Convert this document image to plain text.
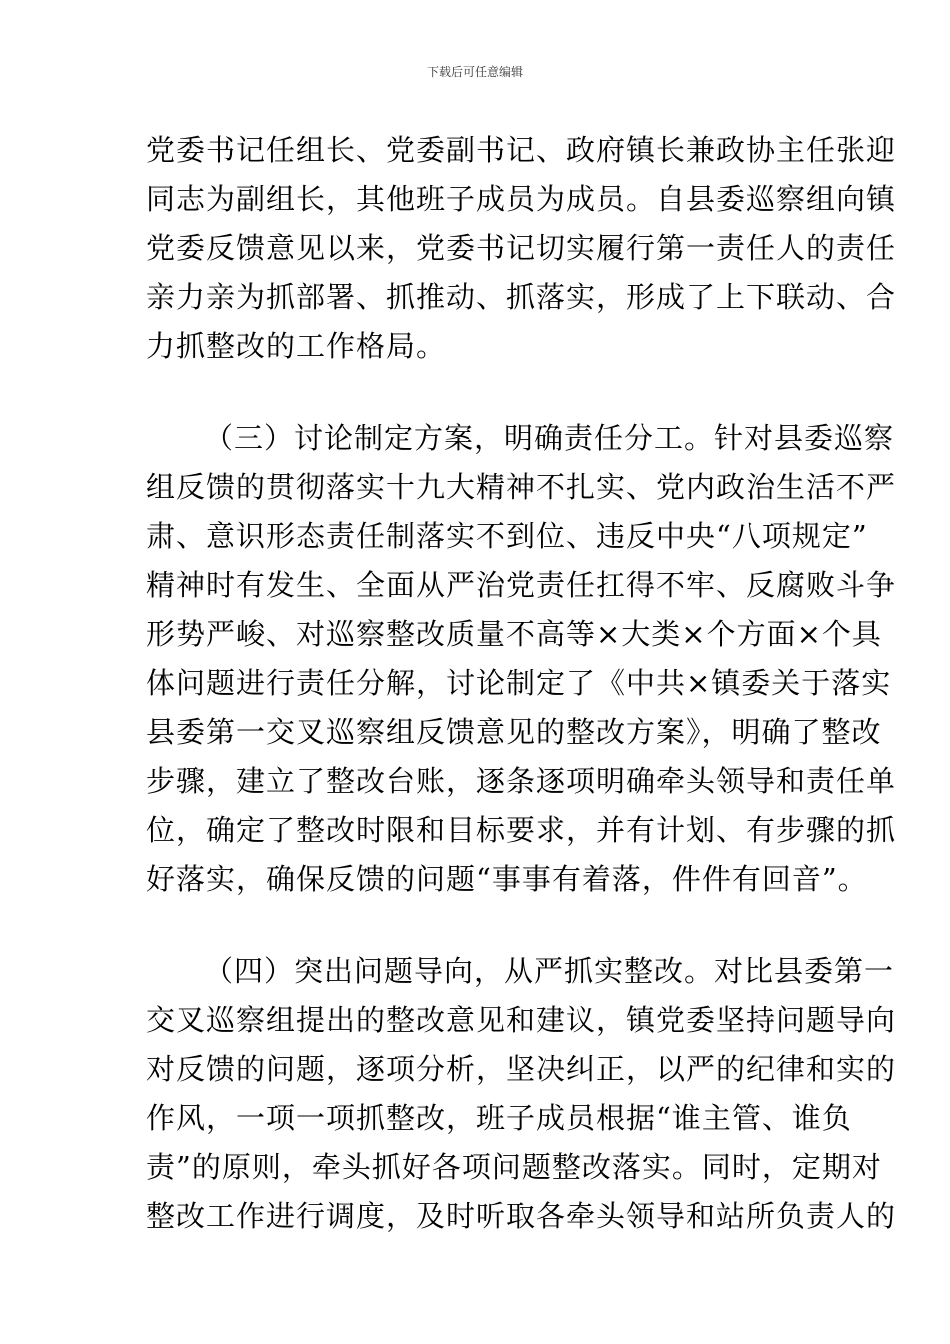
下载后可任意编辑
党委书记任组长、党委副书记、政府镇长兼政协主任张迎
同志为副组长，其他班子成员为成员。自县委巡察组向镇
党委反馈意见以来，党委书记切实履行第一责任人的责任
亲力亲为抓部署、抓推动、抓落实，形成了上下联动、合
力抓整改的工作格局。
（三）讨论制定方案，明确责任分工。针对县委巡察
组反馈的贯彻落实十九大精神不扎实、党内政治生活不严
肃、意识形态责任制落实不到位、违反中央“八项规定”
精神时有发生、全面从严治党责任扛得不牢、反腐败斗争
形势严峻、对巡察整改质量不高等×大类×个方面×个具
体问题进行责任分解，讨论制定了《中共×镇委关于落实
县委第一交叉巡察组反馈意见的整改方案》，明确了整改
步骤，建立了整改台账，逐条逐项明确牵头领导和责任单
位，确定了整改时限和目标要求，并有计划、有步骤的抓
好落实，确保反馈的问题“事事有着落，件件有回音”。
（四）突出问题导向，从严抓实整改。对比县委第一
交叉巡察组提出的整改意见和建议，镇党委坚持问题导向
对反馈的问题，逐项分析，坚决纠正，以严的纪律和实的
作风，一项一项抓整改，班子成员根据“谁主管、谁负
责”的原则，牵头抓好各项问题整改落实。同时，定期对
整改工作进行调度，及时听取各牵头领导和站所负责人的
